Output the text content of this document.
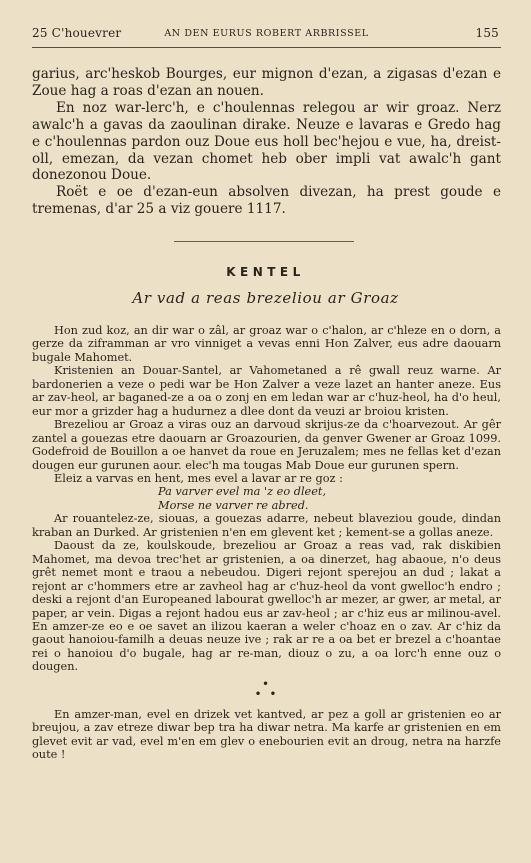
25 C'houevrer	AN DEN EURUS ROBERT ARBRISSEL	155

garius, arc'heskob Bourges, eur mignon d'ezan, a zigasas d'ezan e Zoue hag a roas d'ezan an nouen.

En noz war-lerc'h, e c'houlennas relegou ar wir groaz. Nerz awalc'h a gavas da zaoulinan dirake. Neuze e lavaras e Gredo hag e c'houlennas pardon ouz Doue eus holl bec'hejou e vue, ha, dreist-oll, emezan, da vezan chomet heb ober impli vat awalc'h gant donezonou Doue.

Roët e oe d'ezan-eun absolven divezan, ha prest goude e tremenas, d'ar 25 a viz gouere 1117.

KENTEL
Ar vad a reas brezeliou ar Groaz

Hon zud koz, an dir war o zâl, ar groaz war o c'halon, ar c'hleze en o dorn, a gerze da ziframman ar vro vinniget a vevas enni Hon Zalver, eus adre daouarn bugale Mahomet.

Kristenien an Douar-Santel, ar Vahometaned a rê gwall reuz warne. Ar bardonerien a veze o pedi war be Hon Zalver a veze lazet an hanter aneze. Eus ar zav-heol, ar baganed-ze a oa o zonj en em ledan war ar c'huz-heol, ha d'o heul, eur mor a grizder hag a hudurnez a dlee dont da veuzi ar broiou kristen.

Brezeliou ar Groaz a viras ouz an darvoud skrijus-ze da c'hoarvezout. Ar gêr zantel a gouezas etre daouarn ar Groazourien, da genver Gwener ar Groaz 1099. Godefroid de Bouillon a oe hanvet da roue en Jeruzalem; mes ne fellas ket d'ezan dougen eur gurunen aour. elec'h ma tougas Mab Doue eur gurunen spern.

Eleiz a varvas en hent, mes evel a lavar ar re goz :

Pa varver evel ma 'z eo dleet,
Morse ne varver re abred.

Ar rouantelez-ze, siouas, a gouezas adarre, nebeut blaveziou goude, dindan kraban an Durked. Ar gristenien n'en em glevent ket ; kement-se a gollas aneze.

Daoust da ze, koulskoude, brezeliou ar Groaz a reas vad, rak diskibien Mahomet, ma devoa trec'het ar gristenien, a oa dinerzet, hag abaoue, n'o deus grêt nemet mont e traou a nebeudou. Digeri rejont sperejou an dud ; lakat a rejont ar c'hommers etre ar zavheol hag ar c'huz-heol da vont gwelloc'h endro ; deski a rejont d'an Europeaned labourat gwelloc'h ar mezer, ar gwer, ar metal, ar paper, ar vein. Digas a rejont hadou eus ar zav-heol ; ar c'hiz eus ar milinou-avel. En amzer-ze eo e oe savet an ilizou kaeran a weler c'hoaz en o zav. Ar c'hiz da gaout hanoiou-familh a deuas neuze ive ; rak ar re a oa bet er brezel a c'hoantae rei o hanoiou d'o bugale, hag ar re-man, diouz o zu, a oa lorc'h enne ouz o dougen.

•
• •

En amzer-man, evel en drizek vet kantved, ar pez a goll ar gristenien eo ar breujou, a zav etreze diwar bep tra ha diwar netra. Ma karfe ar gristenien en em glevet evit ar vad, evel m'en em glev o enebourien evit an droug, netra na harzfe oute !
